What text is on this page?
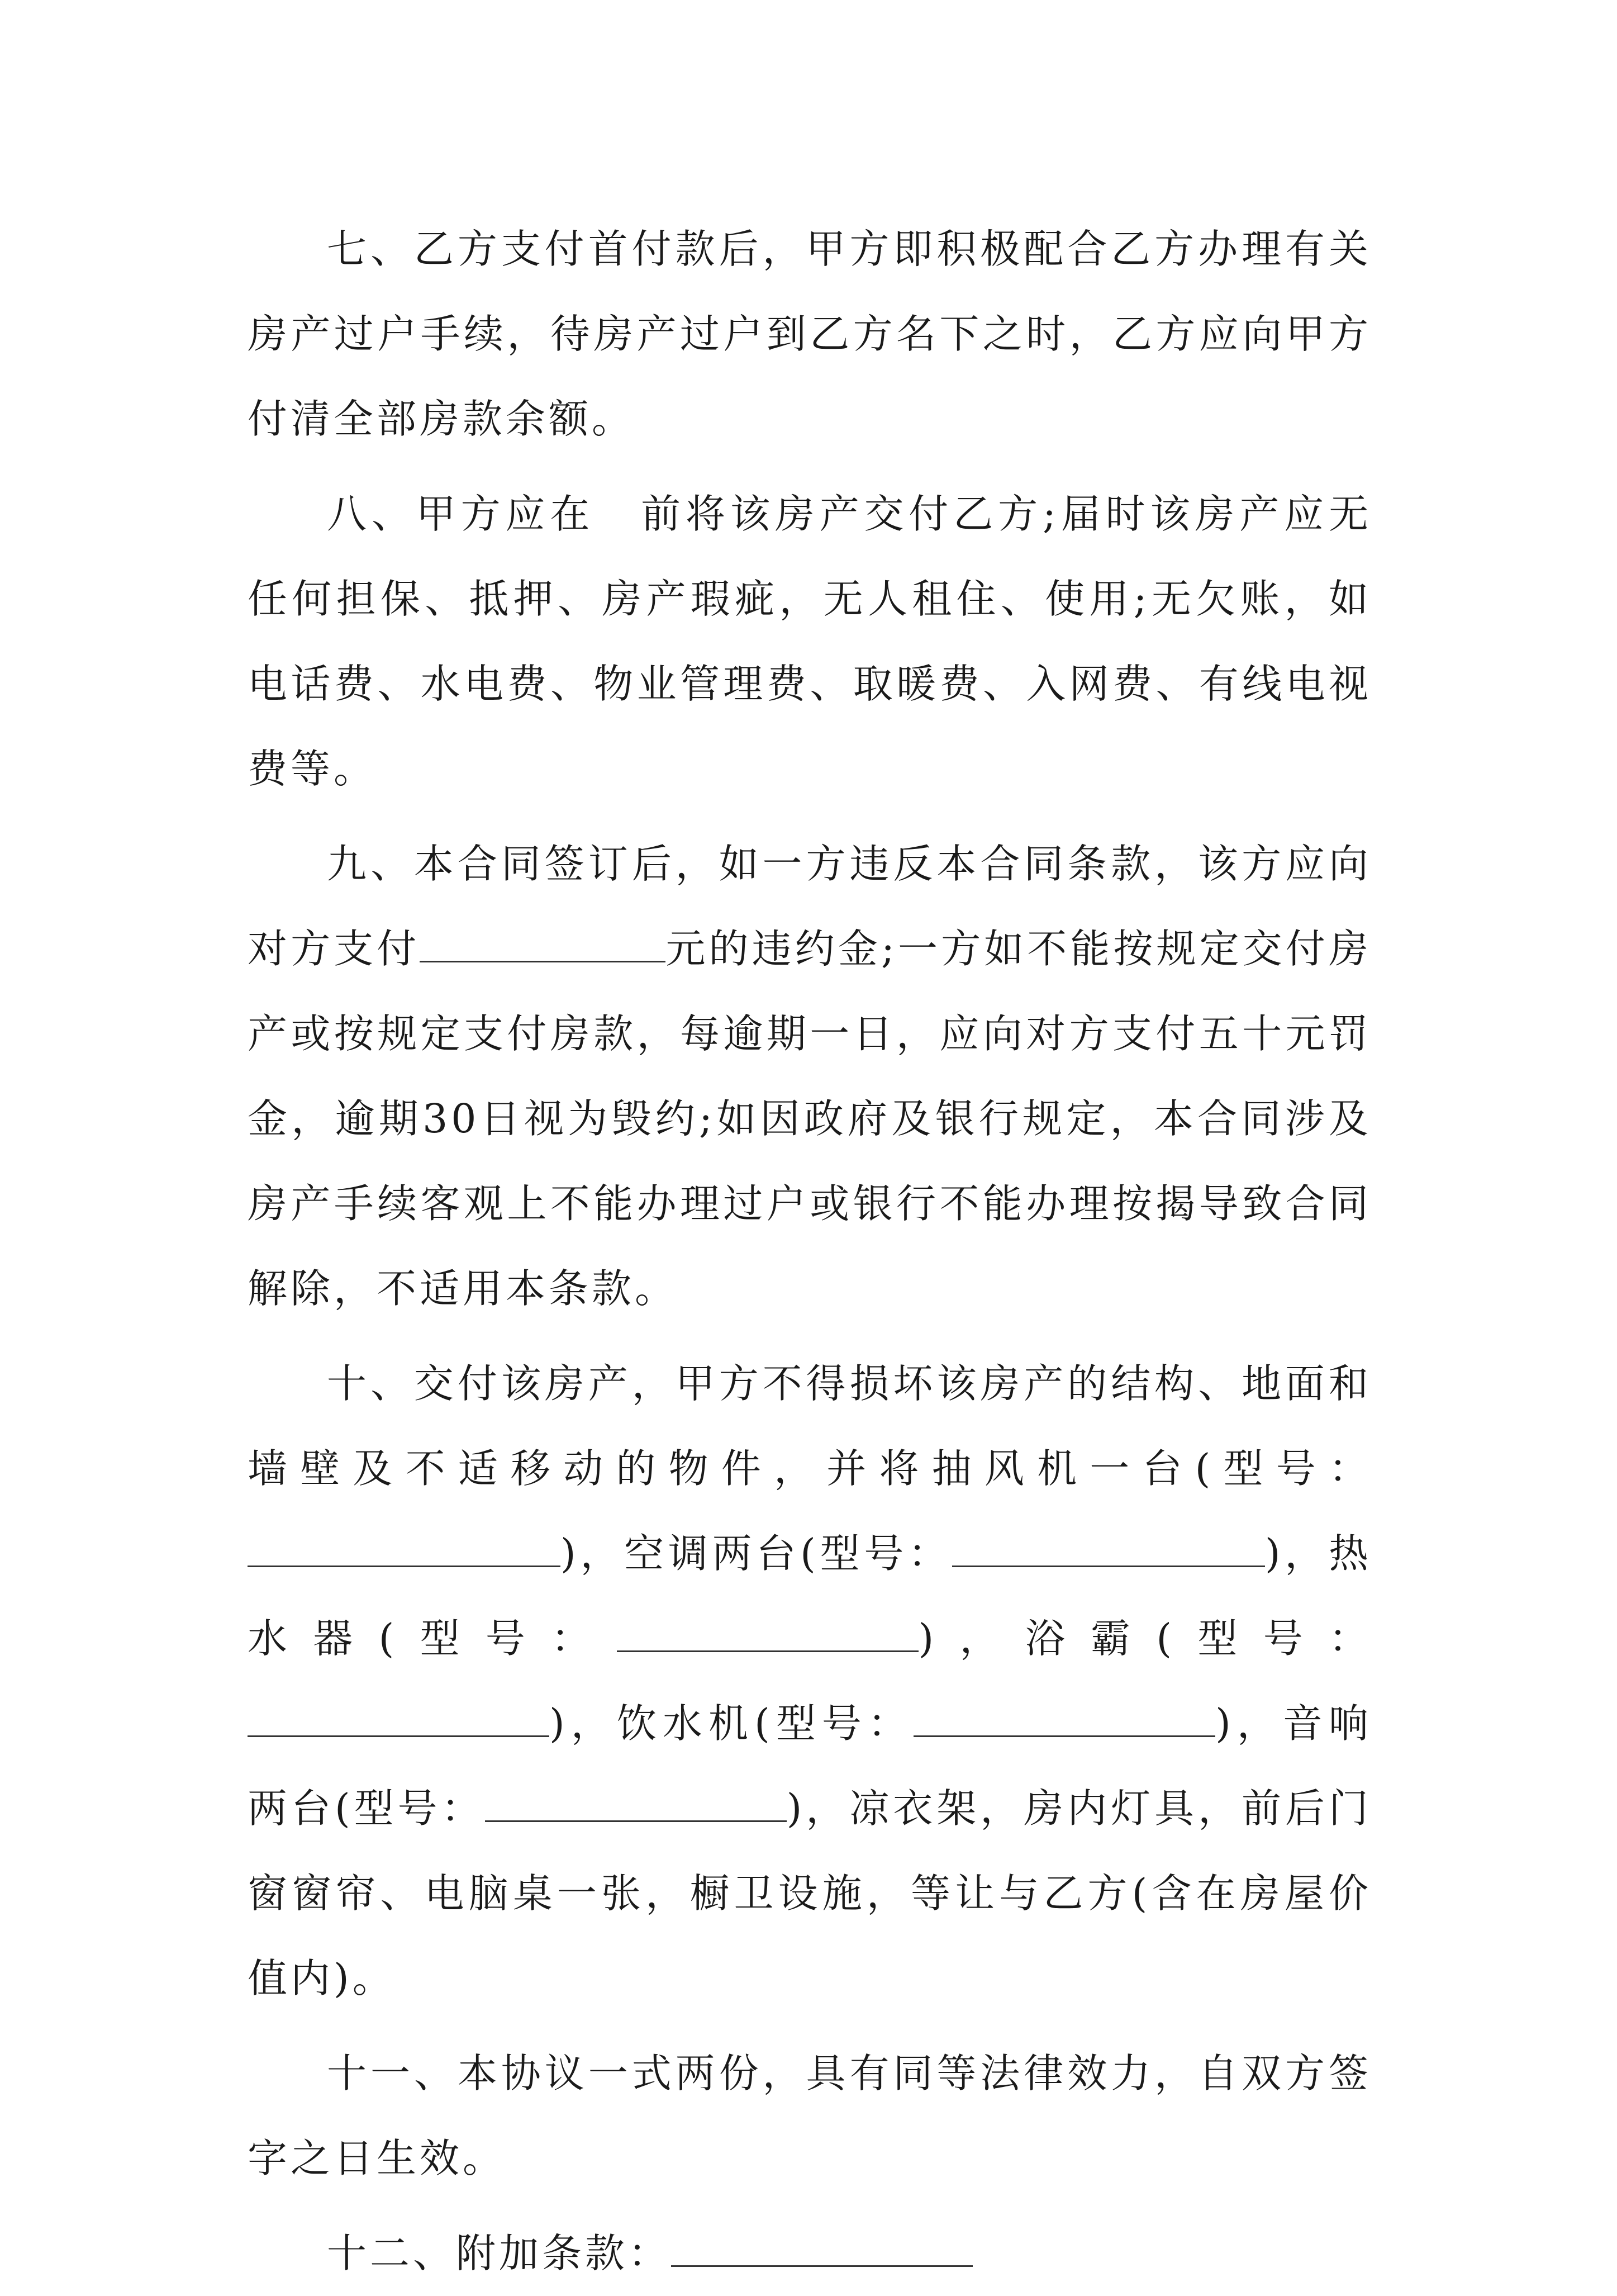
七、乙方支付首付款后，甲方即积极配合乙方办理有关房产过户手续，待房产过户到乙方名下之时，乙方应向甲方付清全部房款余额。

八、甲方应在 前将该房产交付乙方;届时该房产应无任何担保、抵押、房产瑕疵，无人租住、使用;无欠账，如电话费、水电费、物业管理费、取暖费、入网费、有线电视费等。

九、本合同签订后，如一方违反本合同条款，该方应向对方支付	元的违约金;一方如不能按规定交付房产或按规定支付房款，每逾期一日，应向对方支付五十元罚金，逾期30日视为毁约;如因政府及银行规定，本合同涉及房产手续客观上不能办理过户或银行不能办理按揭导致合同解除，不适用本条款。

十、交付该房产，甲方不得损坏该房产的结构、地面和墙壁及不适移动的物件，并将抽风机一台(型号：)，空调两台(型号：	)，热水器(型号：	)，浴霸(型号：)，饮水机(型号：	)，音响两台(型号：	)，凉衣架，房内灯具，前后门窗窗帘、电脑桌一张，橱卫设施，等让与乙方(含在房屋价值内)。

十一、本协议一式两份，具有同等法律效力，自双方签字之日生效。

十二、附加条款：
